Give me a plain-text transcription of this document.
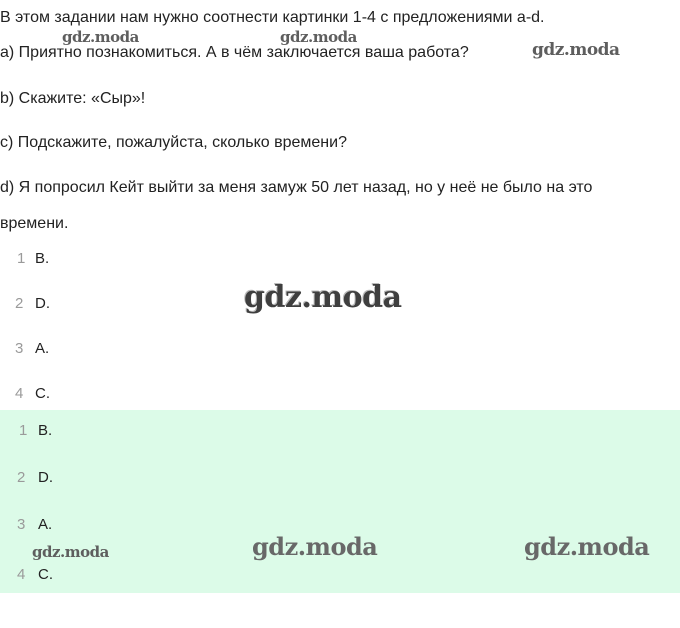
В этом задании нам нужно соотнести картинки 1-4 с предложениями a-d.
a) Приятно познакомиться. А в чём заключается ваша работа?
b) Скажите: «Сыр»!
c) Подскажите, пожалуйста, сколько времени?
d) Я попросил Кейт выйти за меня замуж 50 лет назад, но у неё не было на это
времени.
1 B.
2 D.
3 A.
4 C.
1 B.
2 D.
3 A.
4 C.
gdz.moda	gdz.moda
gdz.moda
gdz.moda
gdz.moda	gdz.moda	gdz.moda
